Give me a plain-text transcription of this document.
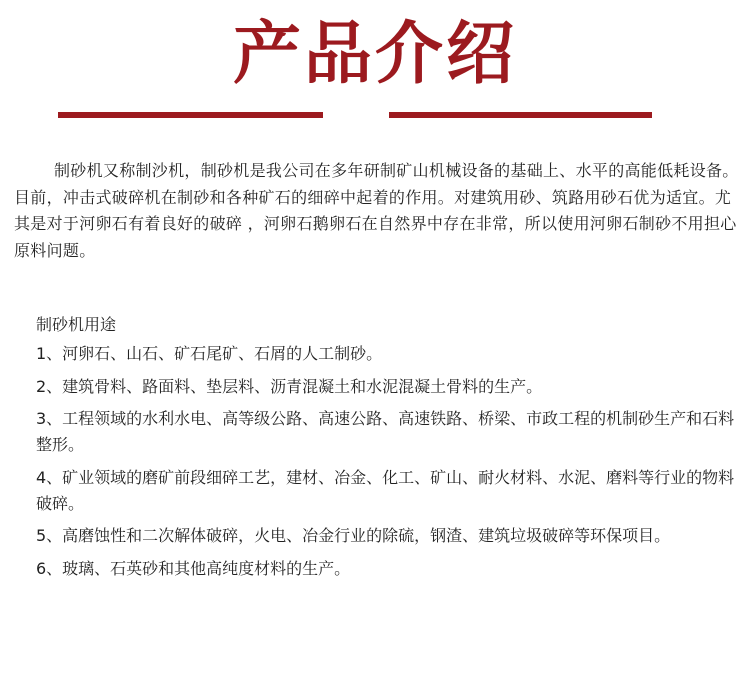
产品介绍

制砂机又称制沙机，制砂机是我公司在多年研制矿山机械设备的基础上、水平的高能低耗设备。目前，冲击式破碎机在制砂和各种矿石的细碎中起着的作用。对建筑用砂、筑路用砂石优为适宜。尤其是对于河卵石有着良好的破碎 ，河卵石鹅卵石在自然界中存在非常，所以使用河卵石制砂不用担心原料问题。

制砂机用途

1、河卵石、山石、矿石尾矿、石屑的人工制砂。
2、建筑骨料、路面料、垫层料、沥青混凝土和水泥混凝土骨料的生产。
3、工程领域的水利水电、高等级公路、高速公路、高速铁路、桥梁、市政工程的机制砂生产和石料整形。
4、矿业领域的磨矿前段细碎工艺，建材、冶金、化工、矿山、耐火材料、水泥、磨料等行业的物料破碎。
5、高磨蚀性和二次解体破碎，火电、冶金行业的除硫，钢渣、建筑垃圾破碎等环保项目。
6、玻璃、石英砂和其他高纯度材料的生产。
